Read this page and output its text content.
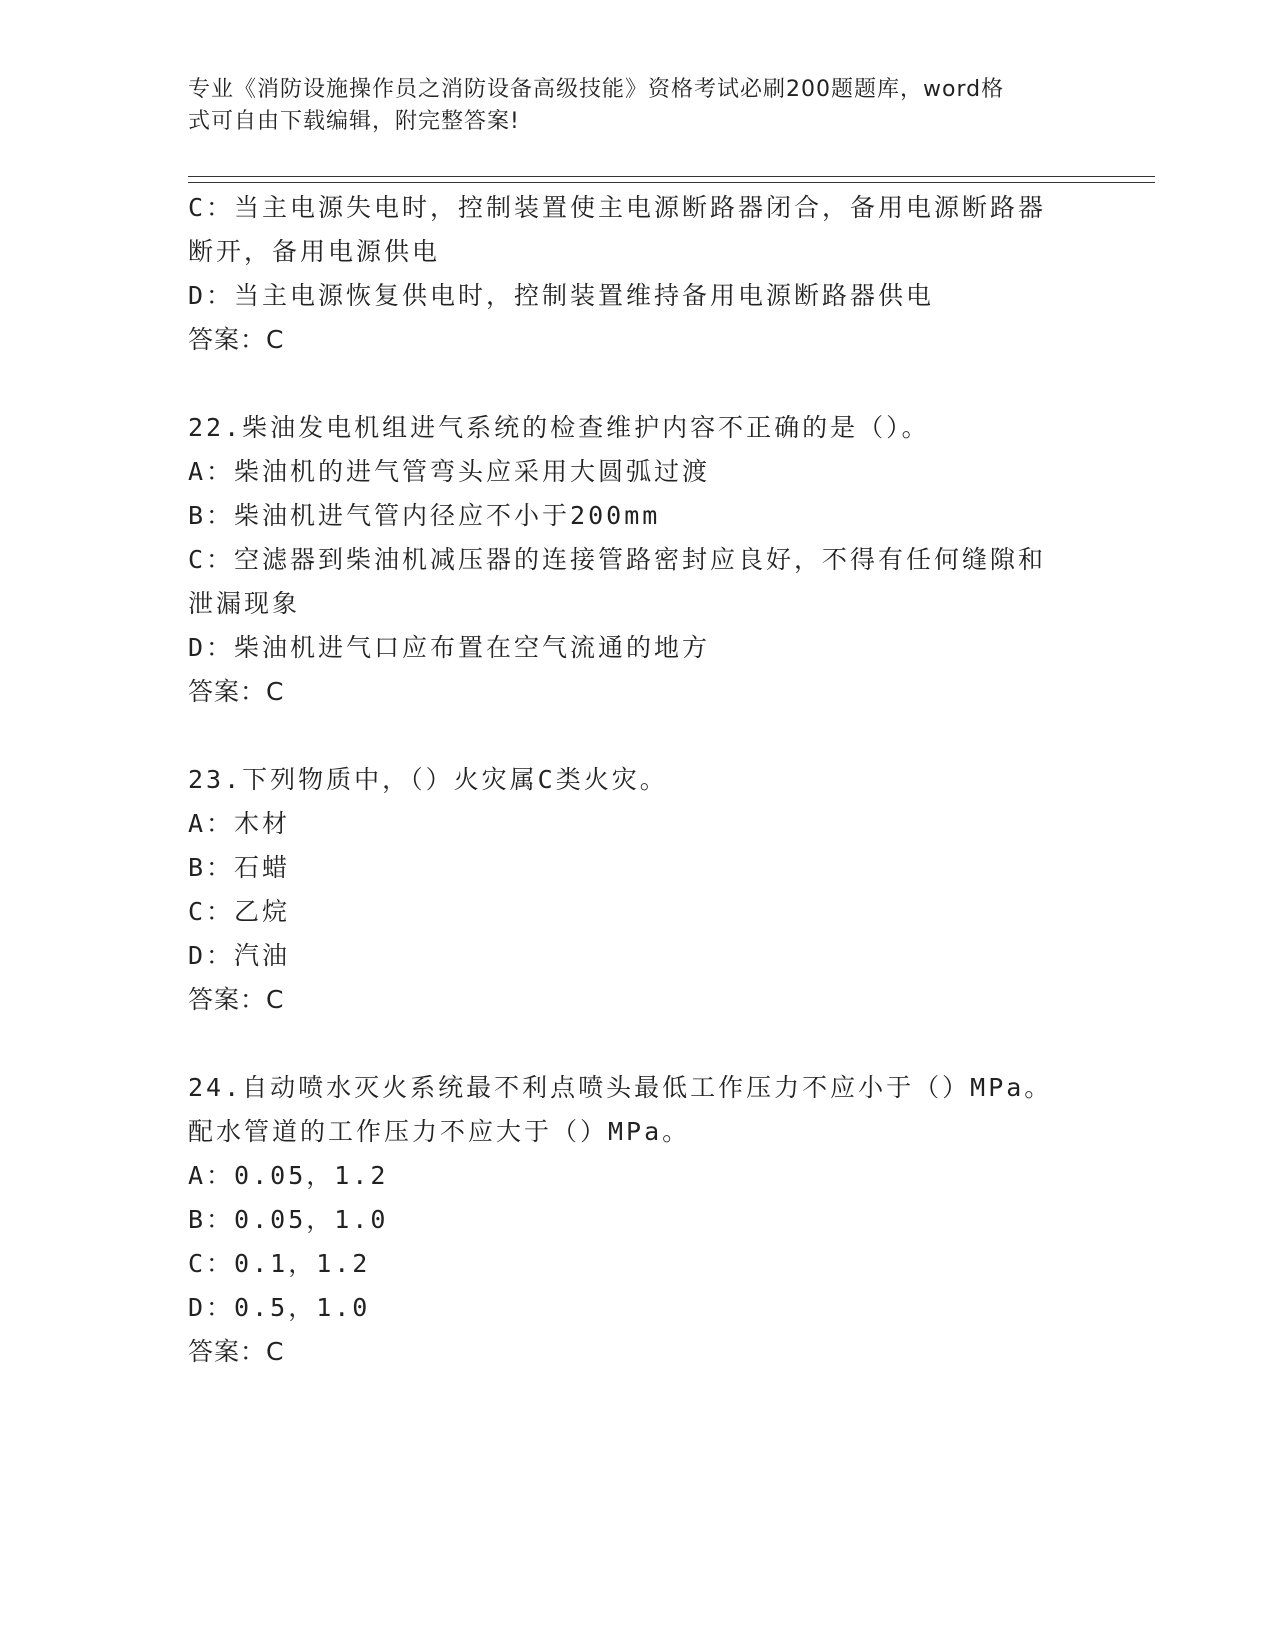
专业《消防设施操作员之消防设备高级技能》资格考试必刷200题题库，word格
式可自由下载编辑，附完整答案!
C：当主电源失电时，控制装置使主电源断路器闭合，备用电源断路器
断开，备用电源供电
D：当主电源恢复供电时，控制装置维持备用电源断路器供电
答案：C
22.柴油发电机组进气系统的检查维护内容不正确的是（）。
A：柴油机的进气管弯头应采用大圆弧过渡
B：柴油机进气管内径应不小于200mm
C：空滤器到柴油机减压器的连接管路密封应良好，不得有任何缝隙和
泄漏现象
D：柴油机进气口应布置在空气流通的地方
答案：C
23.下列物质中，（）火灾属C类火灾。
A：木材
B：石蜡
C：乙烷
D：汽油
答案：C
24.自动喷水灭火系统最不利点喷头最低工作压力不应小于（）MPa。
配水管道的工作压力不应大于（）MPa。
A：0.05，1.2
B：0.05，1.0
C：0.1，1.2
D：0.5，1.0
答案：C
